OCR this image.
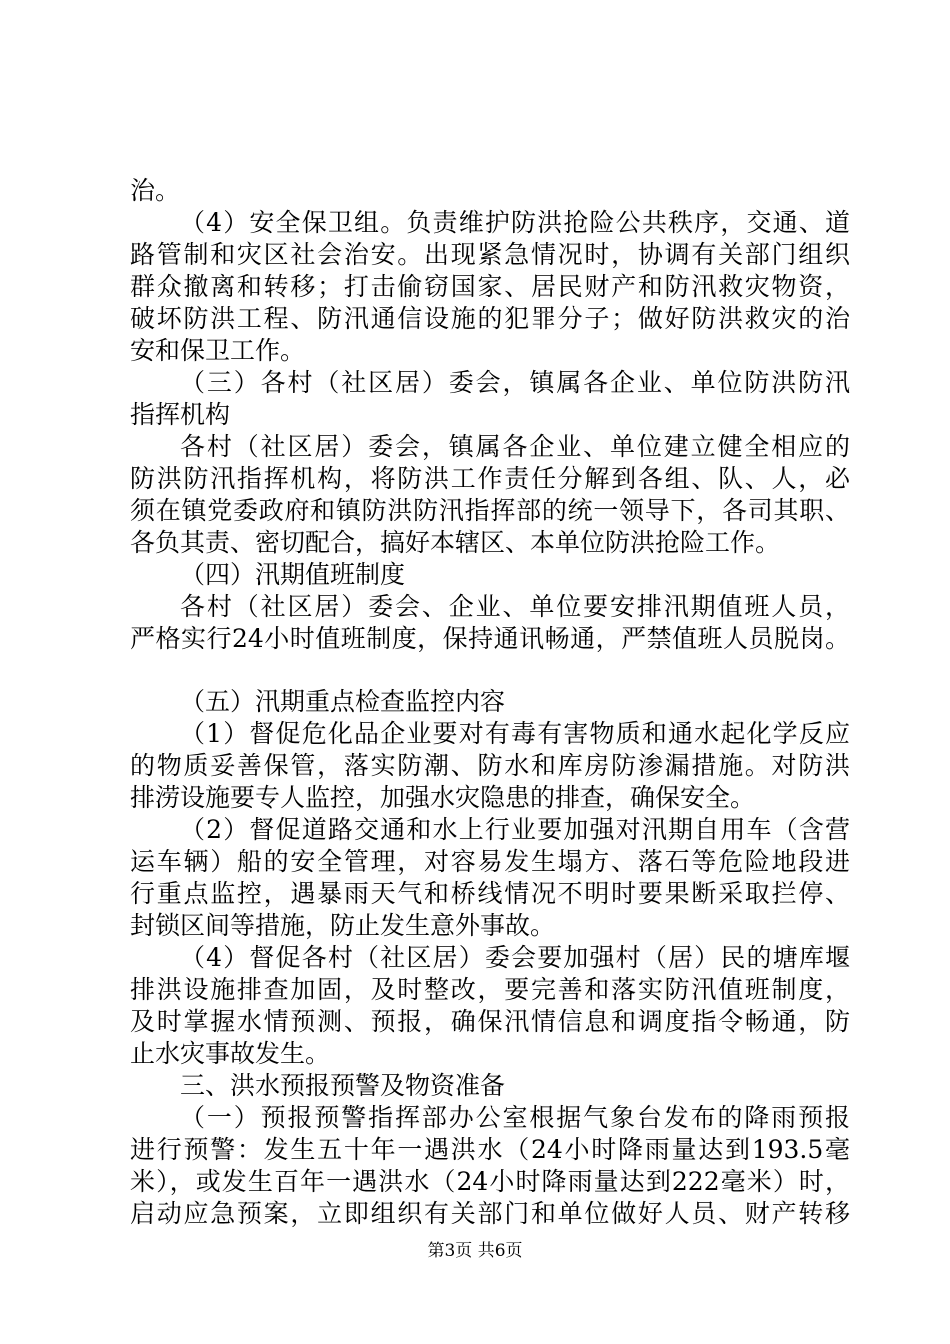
治。
（4）安全保卫组。负责维护防洪抢险公共秩序，交通、道
路管制和灾区社会治安。出现紧急情况时，协调有关部门组织
群众撤离和转移；打击偷窃国家、居民财产和防汛救灾物资，
破坏防洪工程、防汛通信设施的犯罪分子；做好防洪救灾的治
安和保卫工作。
（三）各村（社区居）委会，镇属各企业、单位防洪防汛
指挥机构
各村（社区居）委会，镇属各企业、单位建立健全相应的
防洪防汛指挥机构，将防洪工作责任分解到各组、队、人，必
须在镇党委政府和镇防洪防汛指挥部的统一领导下，各司其职、
各负其责、密切配合，搞好本辖区、本单位防洪抢险工作。
（四）汛期值班制度
各村（社区居）委会、企业、单位要安排汛期值班人员，
严格实行24小时值班制度，保持通讯畅通，严禁值班人员脱岗。
（五）汛期重点检查监控内容
（1）督促危化品企业要对有毒有害物质和通水起化学反应
的物质妥善保管，落实防潮、防水和库房防渗漏措施。对防洪
排涝设施要专人监控，加强水灾隐患的排查，确保安全。
（2）督促道路交通和水上行业要加强对汛期自用车（含营
运车辆）船的安全管理，对容易发生塌方、落石等危险地段进
行重点监控，遇暴雨天气和桥线情况不明时要果断采取拦停、
封锁区间等措施，防止发生意外事故。
（4）督促各村（社区居）委会要加强村（居）民的塘库堰
排洪设施排查加固，及时整改，要完善和落实防汛值班制度，
及时掌握水情预测、预报，确保汛情信息和调度指令畅通，防
止水灾事故发生。
三、洪水预报预警及物资准备
（一）预报预警指挥部办公室根据气象台发布的降雨预报
进行预警：发生五十年一遇洪水（24小时降雨量达到193.5毫
米），或发生百年一遇洪水（24小时降雨量达到222毫米）时，
启动应急预案，立即组织有关部门和单位做好人员、财产转移
第3页 共6页
